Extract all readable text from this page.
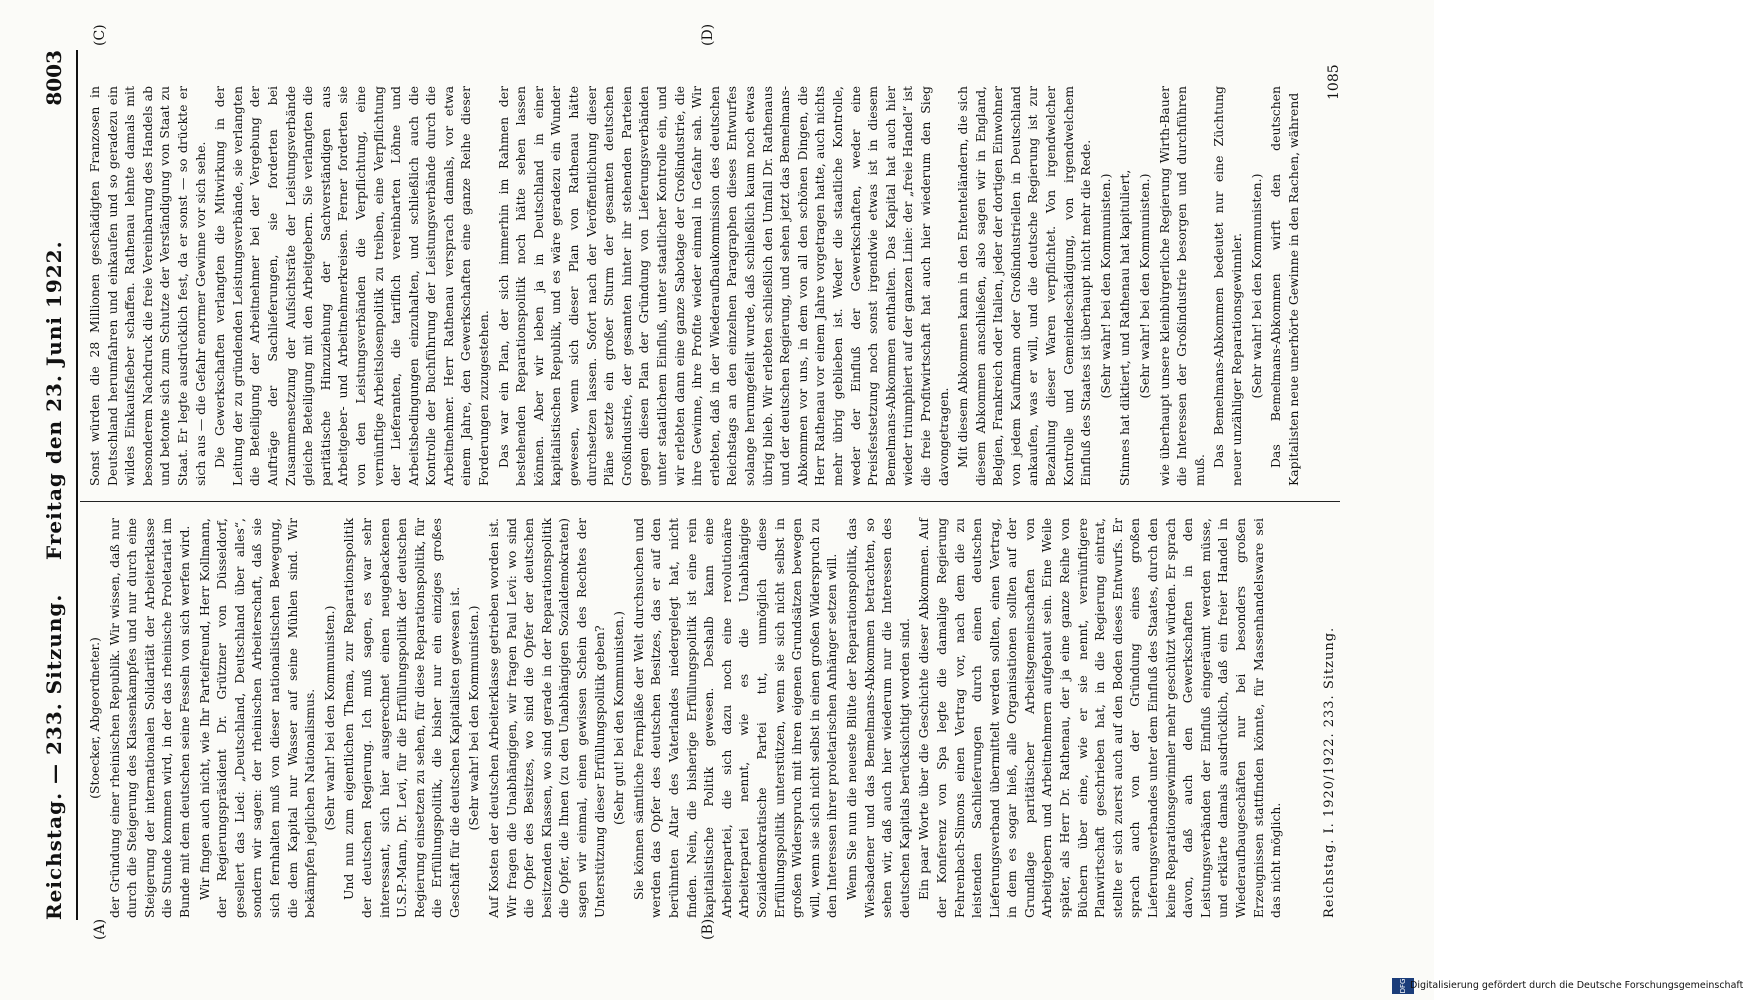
Reichstag. — 233. Sitzung.
Freitag den 23. Juni 1922.
8003
(A)	(B)
(C)	(D)

(Stoecker, Abgeordneter.) der Gründung einer rheinischen Republik. Wir wissen, daß nur durch die Steigerung des Klassenkampfes und nur durch eine Steigerung der internationalen Solidarität der Arbeiterklasse die Stunde kommen wird, in der das rheinische Proletariat im Bunde mit dem deutschen seine Fesseln von sich werfen wird. Wir fingen auch nicht, wie Ihr Parteifreund, Herr Kollmann, der Regierungspräsident Dr. Grützner von Düsseldorf, gesellert das Lied: „Deutschland, Deutschland über alles“, sondern wir sagen: der rheinischen Arbeiterschaft, daß sie sich fernhalten muß von dieser nationalistischen Bewegung, die dem Kapital nur Wasser auf seine Mühlen sind. Wir bekämpfen jeglichen Nationalismus. (Sehr wahr! bei den Kommunisten.) Und nun zum eigentlichen Thema, zur Reparationspolitik der deutschen Regierung. Ich muß sagen, es war sehr interessant, sich hier ausgerechnet einen neugebackenen U.S.P.-Mann, Dr. Levi, für die Erfüllungspolitik der deutschen Regierung einsetzen zu sehen, für diese Reparationspolitik, für die Erfüllungspolitik, die bisher nur ein einziges großes Geschäft für die deutschen Kapitalisten gewesen ist. (Sehr wahr! bei den Kommunisten.) Auf Kosten der deutschen Arbeiterklasse getrieben worden ist. Wir fragen die Unabhängigen, wir fragen Paul Levi: wo sind die Opfer des Besitzes, wo sind die Opfer der deutschen besitzenden Klassen, wo sind gerade in der Reparationspolitik die Opfer, die Ihnen (zu den Unabhängigen Sozialdemokraten) sagen wir einmal, einen gewissen Schein des Rechtes der Unterstützung dieser Erfüllungspolitik geben? (Sehr gut! bei den Kommunisten.) Sie können sämtliche Fernpläße der Welt durchsuchen und werden das Opfer des deutschen Besitzes, das er auf den berühmten Altar des Vaterlandes niedergelegt hat, nicht finden. Nein, die bisherige Erfüllungspolitik ist eine rein kapitalistische Politik gewesen. Deshalb kann eine Arbeiterpartei, die sich dazu noch eine revolutionäre Arbeiterpartei nennt, wie es die Unabhängige Sozialdemokratische Partei tut, unmöglich diese Erfüllungspolitik unterstützen, wenn sie sich nicht selbst in großen Widerspruch mit ihren eigenen Grundsätzen bewegen will, wenn sie sich nicht selbst in einen großen Widerspruch zu den Interessen ihrer proletarischen Anhänger setzen will. Wenn Sie nun die neueste Blüte der Reparationspolitik, das Wiesbadener und das Bemelmans-Abkommen betrachten, so sehen wir, daß auch hier wiederum nur die Interessen des deutschen Kapitals berücksichtigt worden sind. Ein paar Worte über die Geschichte dieser Abkommen. Auf der Konferenz von Spa legte die damalige Regierung Fehrenbach-Simons einen Vertrag vor, nach dem die zu leistenden Sachlieferungen durch einen deutschen Lieferungsverband übermittelt werden sollten, einen Vertrag, in dem es sogar hieß, alle Organisationen sollten auf der Grundlage paritätischer Arbeitsgemeinschaften von Arbeitgebern und Arbeitnehmern aufgebaut sein. Eine Weile später, als Herr Dr. Rathenau, der ja eine ganze Reihe von Büchern über eine, wie er sie nennt, vernünftigere Planwirtschaft geschrieben hat, in die Regierung eintrat, stellte er sich zuerst auch auf den Boden dieses Entwurfs. Er sprach auch von der Gründung eines großen Lieferungsverbandes unter dem Einfluß des Staates, durch den keine Reparationsgewinnler mehr geschützt würden. Er sprach davon, daß auch den Gewerkschaften in den Leistungsverbänden der Einfluß eingeräumt werden müsse, und erklärte damals ausdrücklich, daß ein freier Handel in Wiederaufbaugeschäften nur bei besonders großen Erzeugnissen stattfinden könnte, für Massenhandelsware sei das nicht möglich.

Sonst würden die 28 Millionen geschädigten Franzosen in Deutschland herumfahren und einkaufen und so geradezu ein wildes Einkaufsfieber schaffen. Rathenau lehnte damals mit besonderem Nachdruck die freie Vereinbarung des Handels ab und betonte sich zum Schutze der Verständigung von Staat zu Staat. Er legte ausdrücklich fest, da er sonst — so drückte er sich aus — die Gefahr enormer Gewinne vor sich sehe. Die Gewerkschaften verlangten die Mitwirkung in der Leitung der zu gründenden Leistungsverbände, sie verlangten die Beteiligung der Arbeitnehmer bei der Vergebung der Aufträge der Sachlieferungen, sie forderten bei Zusammensetzung der Aufsichtsräte der Leistungsverbände gleiche Beteiligung mit den Arbeitgebern. Sie verlangten die paritätische Hinzuziehung der Sachverständigen aus Arbeitgeber- und Arbeitnehmerkreisen. Ferner forderten sie von den Leistungsverbänden die Verpflichtung, eine vernünftige Arbeitslosenpolitik zu treiben, eine Verpflichtung der Lieferanten, die tariflich vereinbarten Löhne und Arbeitsbedingungen einzuhalten, und schließlich auch die Kontrolle der Buchführung der Leistungsverbände durch die Arbeitnehmer. Herr Rathenau versprach damals, vor etwa einem Jahre, den Gewerkschaften eine ganze Reihe dieser Forderungen zuzugestehen. Das war ein Plan, der sich immerhin im Rahmen der bestehenden Reparationspolitik noch hätte sehen lassen können. Aber wir leben ja in Deutschland in einer kapitalistischen Republik, und es wäre geradezu ein Wunder gewesen, wenn sich dieser Plan von Rathenau hätte durchsetzen lassen. Sofort nach der Veröffentlichung dieser Pläne setzte ein großer Sturm der gesamten deutschen Großindustrie, der gesamten hinter ihr stehenden Parteien gegen diesen Plan der Gründung von Lieferungsverbänden unter staatlichem Einfluß, unter staatlicher Kontrolle ein, und wir erlebten dann eine ganze Sabotage der Großindustrie, die ihre Gewinne, ihre Profite wieder einmal in Gefahr sah. Wir erlebten, daß in der Wiederaufbaukommission des deutschen Reichstags an den einzelnen Paragraphen dieses Entwurfes solange herumgefeilt wurde, daß schließlich kaum noch etwas übrig blieb. Wir erlebten schließlich den Umfall Dr. Rathenaus und der deutschen Regierung, und sehen jetzt das Bemelmans-Abkommen vor uns, in dem von all den schönen Dingen, die Herr Rathenau vor einem Jahre vorgetragen hatte, auch nichts mehr übrig geblieben ist. Weder die staatliche Kontrolle, weder der Einfluß der Gewerkschaften, weder eine Preisfestsetzung noch sonst irgendwie etwas ist in diesem Bemelmans-Abkommen enthalten. Das Kapital hat auch hier wieder triumphiert auf der ganzen Linie: der „freie Handel“ ist die freie Profitwirtschaft hat auch hier wiederum den Sieg davongetragen. Mit diesem Abkommen kann in den Ententeländern, die sich diesem Abkommen anschließen, also sagen wir in England, Belgien, Frankreich oder Italien, jeder der dortigen Einwohner von jedem Kaufmann oder Großindustriellen in Deutschland ankaufen, was er will, und die deutsche Regierung ist zur Bezahlung dieser Waren verpflichtet. Von irgendwelcher Kontrolle und Gemeindeschädigung, von irgendwelchem Einfluß des Staates ist überhaupt nicht mehr die Rede. (Sehr wahr! bei den Kommunisten.) Stinnes hat diktiert, und Rathenau hat kapituliert, (Sehr wahr! bei den Kommunisten.) wie überhaupt unsere kleinbürgerliche Regierung Wirth-Bauer die Interessen der Großindustrie besorgen und durchführen muß.

Das Bemelmans-Abkommen bedeutet nur eine Züchtung neuer unzähliger Reparationsgewinnler. (Sehr wahr! bei den Kommunisten.) Das Bemelmans-Abkommen wirft den deutschen Kapitalisten neue unerhörte Gewinne in den Rachen, während

Reichstag. I. 1920/1922. 233. Sitzung.
1085
DFG Digitalisierung gefördert durch die Deutsche Forschungsgemeinschaft
